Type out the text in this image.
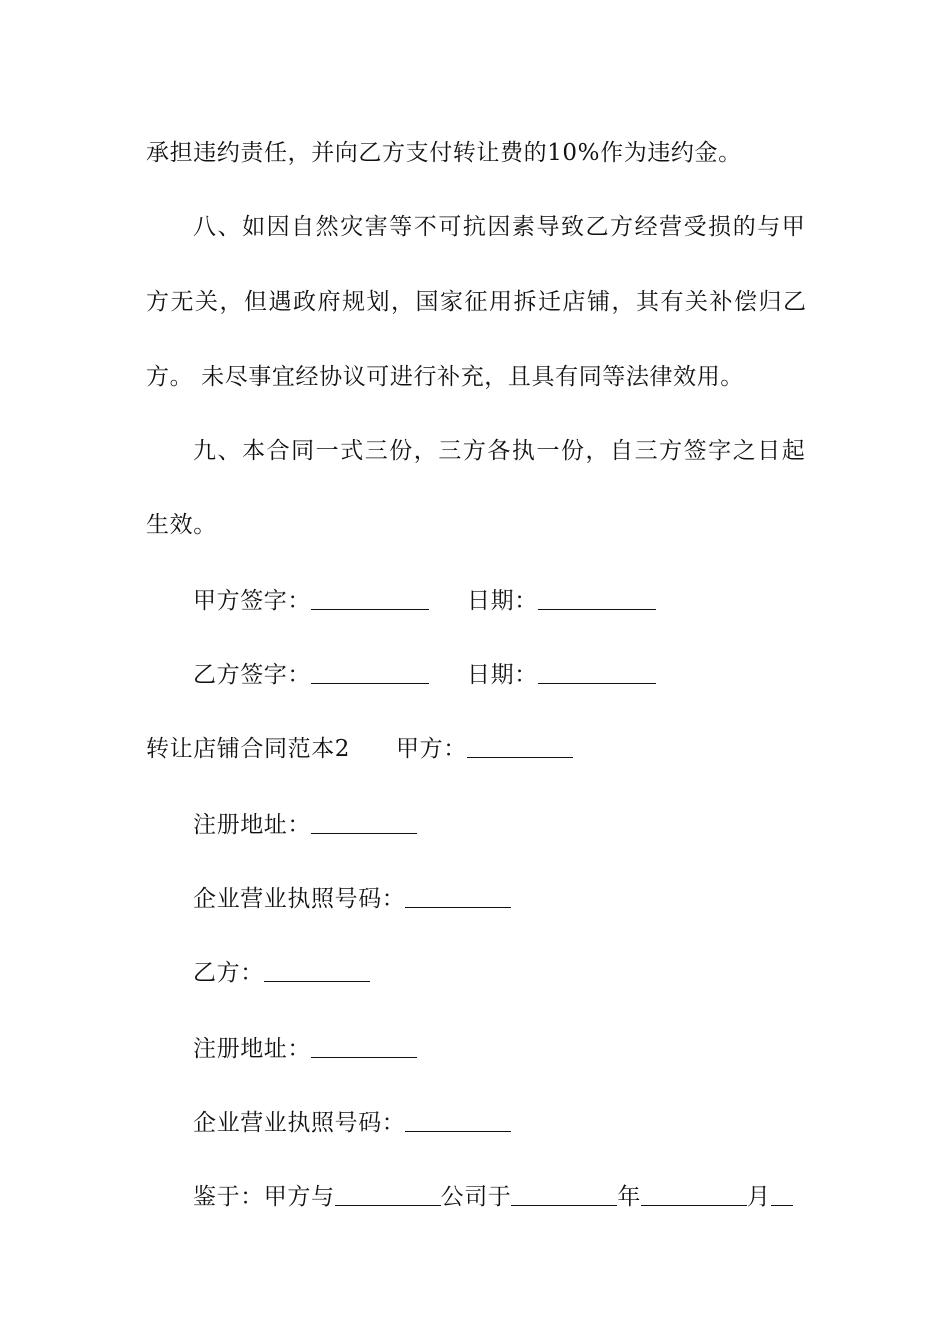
承担违约责任，并向乙方支付转让费的10%作为违约金。
八 、 如 因 自 然 灾 害 等 不 可 抗 因 素 导 致 乙 方 经 营 受 损 的 与 甲
方 无 关 ， 但 遇 政 府 规 划 ， 国 家 征 用 拆 迁 店 铺 ， 其 有 关 补 偿 归 乙
方。 未尽事宜经协议可进行补充，且具有同等法律效用。
九 、 本 合 同 一 式 三 份 ， 三 方 各 执 一 份 ， 自 三 方 签 字 之 日 起
生效。
甲方签字：	日期：
乙方签字：	日期：
转让店铺合同范本2 甲方：
注册地址：
企业营业执照号码：
乙方：
注册地址：
企业营业执照号码：
鉴于：甲方与	公司于	年	月
